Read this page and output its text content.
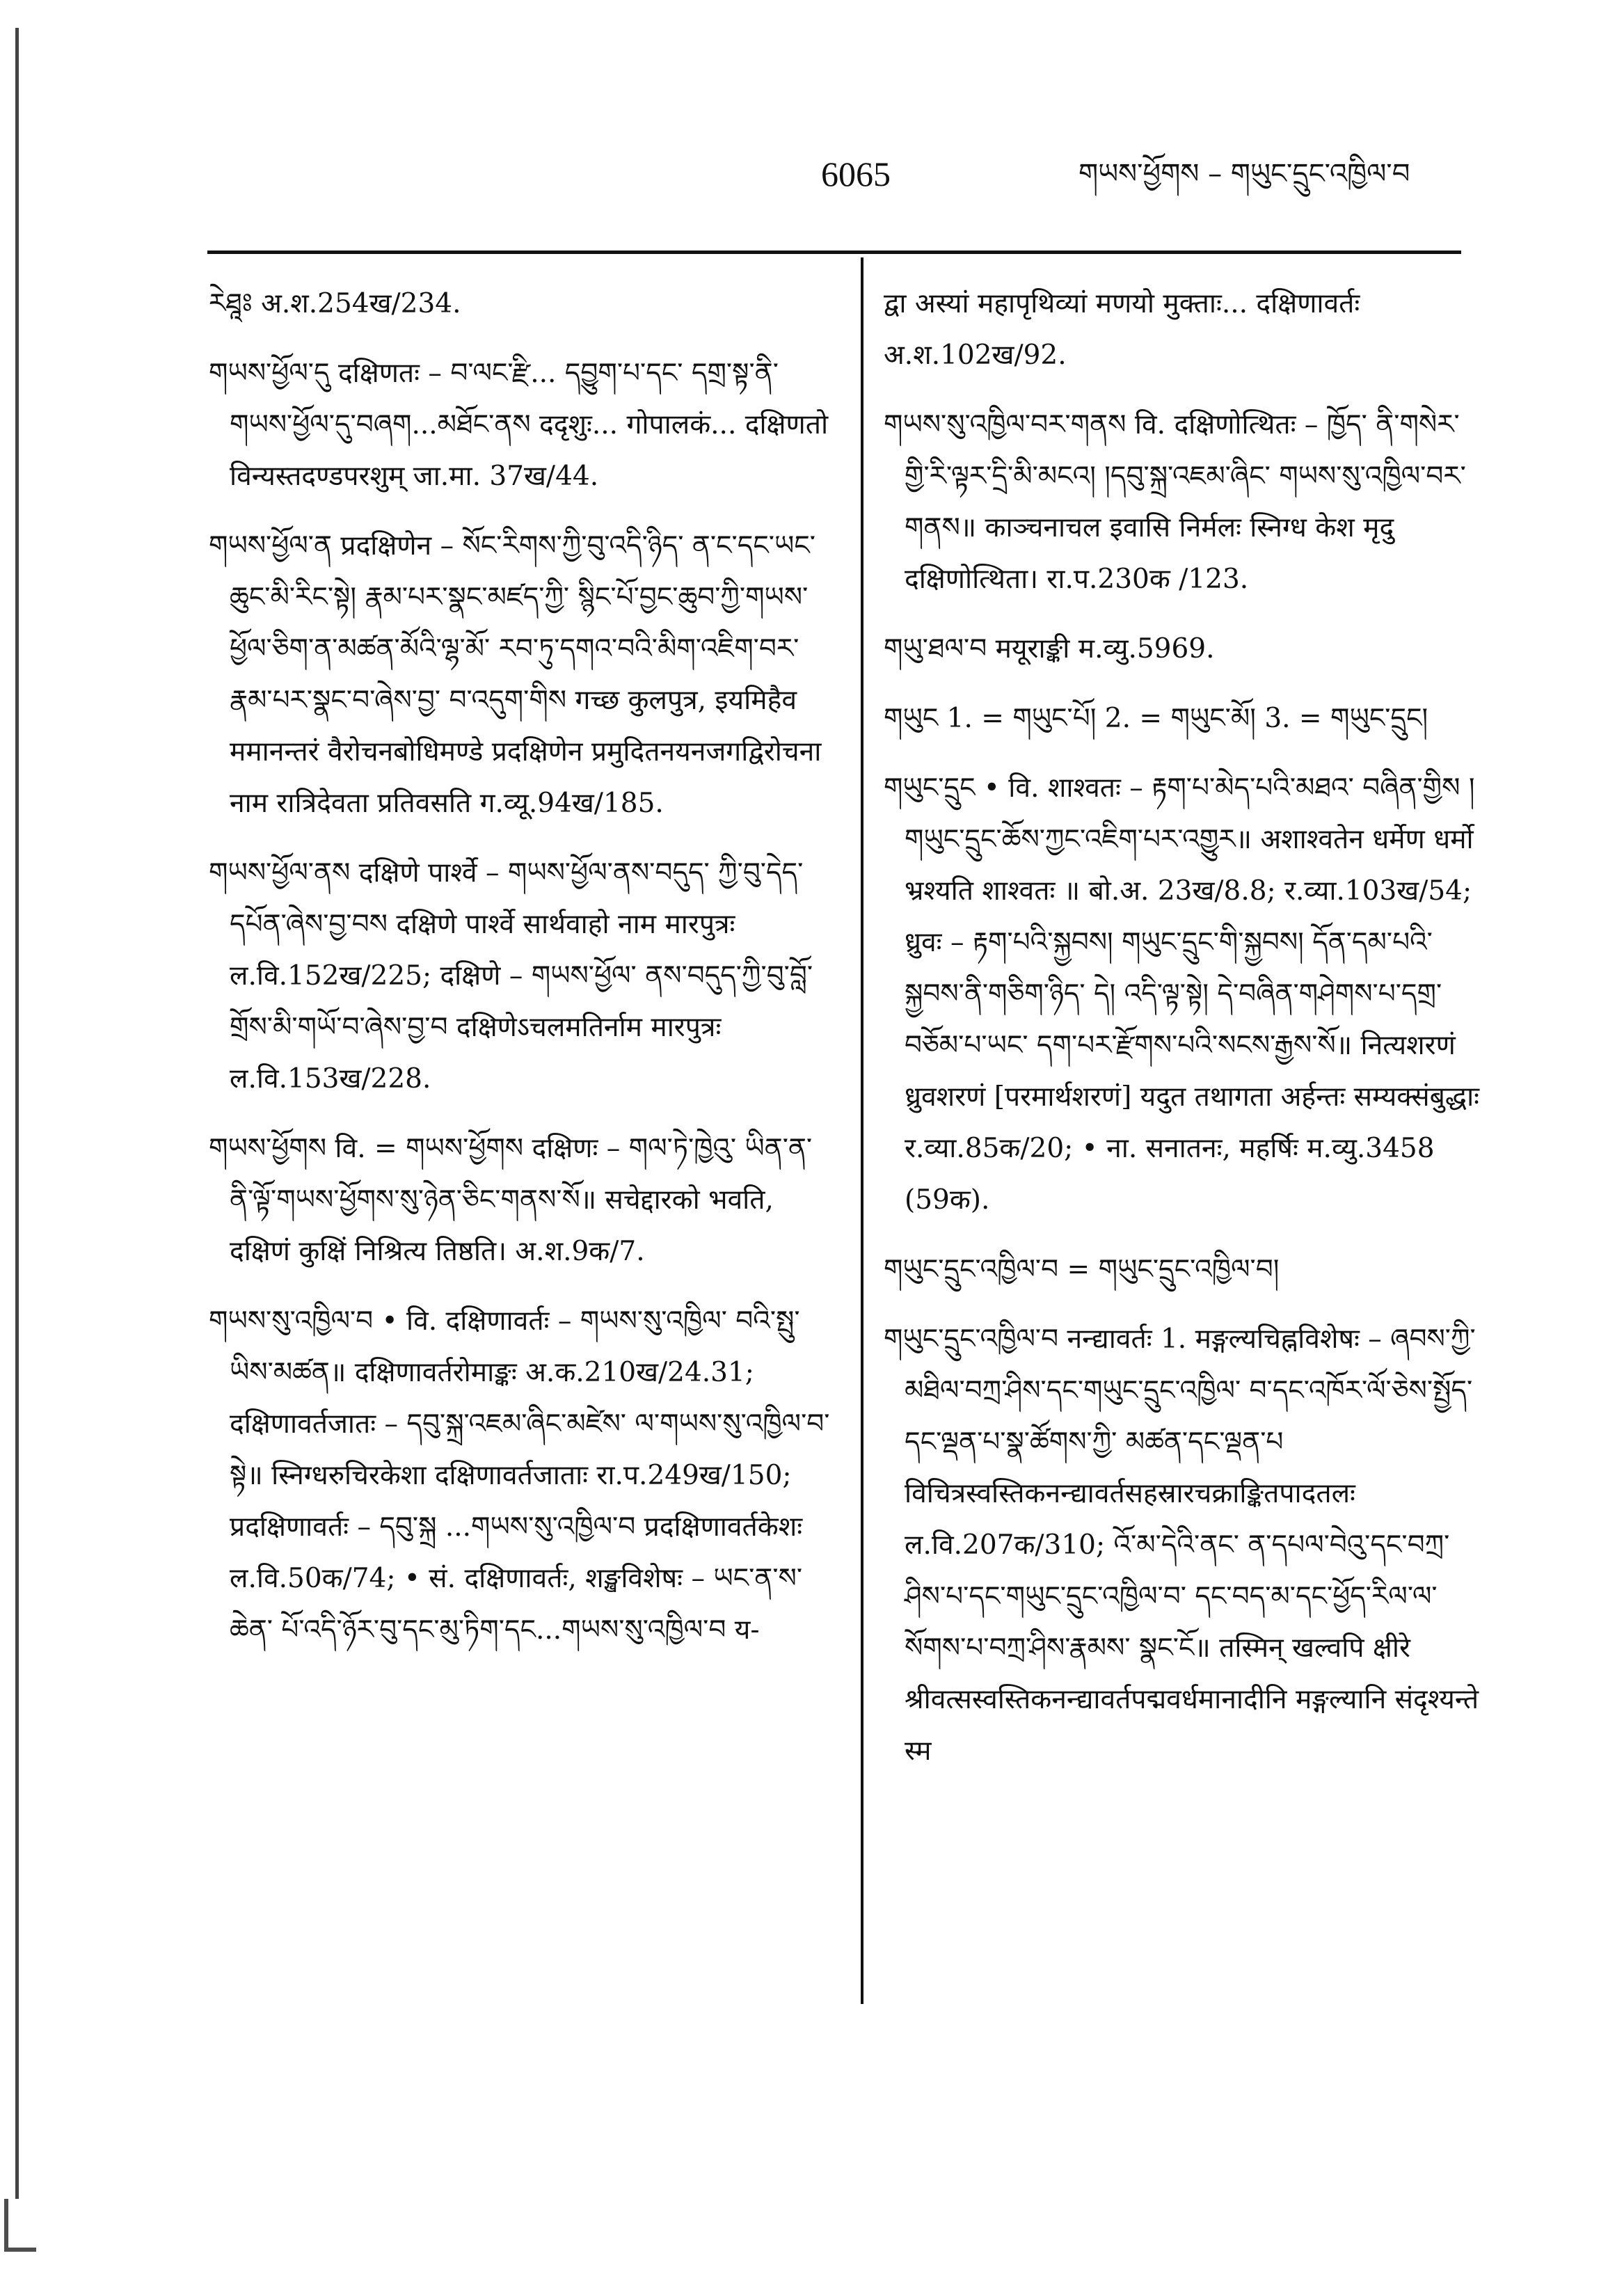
6065	གཡས་ཕྱོགས – གཡུང་དྲུང་འཁྱིལ་བ

རེཐཱཿ अ.श.254ख/234.

གཡས་ཕྱོལ་དུ दक्षिणतः – བ་ལང་རྫི... དབྱུག་པ་དང་ དགྲ་སྟ་ནི་གཡས་ཕྱོལ་དུ་བཞག...མཐོང་ནས ददृशुः... गोपालकं... दक्षिणतो विन्यस्तदण्डपरशुम् जा.मा. 37ख/44.

གཡས་ཕྱོལ་ན प्रदक्षिणेन – སོང་རིགས་ཀྱི་བུ་འདི་ཉིད་ ན་ང་དང་ཡང་ཆུང་མི་རིང་སྟེ། རྣམ་པར་སྣང་མཛད་ཀྱི་ སྙིང་པོ་བྱང་ཆུབ་ཀྱི་གཡས་ཕྱོལ་ཅིག་ན་མཚན་མོའི་ལྷ་མོ་ རབ་ཏུ་དགའ་བའི་མིག་འཇིག་བར་རྣམ་པར་སྣང་བ་ཞེས་བྱ་ བ་འདུག་གིས गच्छ कुलपुत्र, इयमिहैव ममानन्तरं वैरोचनबोधिमण्डे प्रदक्षिणेन प्रमुदितनयनजगद्विरोचना नाम रात्रिदेवता प्रतिवसति ग.व्यू.94ख/185.

གཡས་ཕྱོལ་ནས दक्षिणे पार्श्वे – གཡས་ཕྱོལ་ནས་བདུད་ ཀྱི་བུ་དེད་དཔོན་ཞེས་བྱ་བས दक्षिणे पार्श्वे सार्थवाहो नाम मारपुत्रः ल.वि.152ख/225; दक्षिणे – གཡས་ཕྱོལ་ ནས་བདུད་ཀྱི་བུ་བློ་གྲོས་མི་གཡོ་བ་ཞེས་བྱ་བ दक्षिणेऽचलमतिर्नाम मारपुत्रः ल.वि.153ख/228.

གཡས་ཕྱོགས वि. = གཡས་ཕྱོགས दक्षिणः – གལ་ཏེ་ཁྱེའུ་ ཡིན་ན་ནི་ལྟོ་གཡས་ཕྱོགས་སུ་ཉེན་ཅིང་གནས་སོ॥ सचेद्दारको भवति, दक्षिणं कुक्षिं निश्रित्य तिष्ठति। अ.श.9क/7.

གཡས་སུ་འཁྱིལ་བ • वि. दक्षिणावर्तः – གཡས་སུ་འཁྱིལ་ བའི་སྤུ་ཡིས་མཚན॥ दक्षिणावर्तरोमाङ्कः अ.क.210ख/24.31; दक्षिणावर्तजातः – དབུ་སྐྲ་འཇམ་ཞིང་མཛེས་ ལ་གཡས་སུ་འཁྱིལ་བ་སྟེ॥ स्निग्धरुचिरकेशा दक्षिणावर्तजाताः रा.प.249ख/150; प्रदक्षिणावर्तः – དབུ་སྐྲ ...གཡས་སུ་འཁྱིལ་བ प्रदक्षिणावर्तकेशः ल.वि.50क/74; • सं. दक्षिणावर्तः, शङ्खविशेषः – ཡང་ན་ས་ཆེན་ པོ་འདི་ཉོར་བུ་དང་མུ་ཏིག་དང...གཡས་སུ་འཁྱིལ་བ य-

द्वा अस्यां महापृथिव्यां मणयो मुक्ताः... दक्षिणावर्तः अ.श.102ख/92.

གཡས་སུ་འཁྱིལ་བར་གནས वि. दक्षिणोत्थितः – ཁྱོད་ ནི་གསེར་གྱི་རི་ལྟར་དྲི་མི་མངའ། །དབུ་སྐྲ་འཇམ་ཞིང་ གཡས་སུ་འཁྱིལ་བར་གནས॥ काञ्चनाचल इवासि निर्मलः स्निग्ध केश मृदु दक्षिणोत्थिता। रा.प.230क /123.

གཡུ་ཐལ་བ मयूराङ्की म.व्यु.5969.

གཡུང 1. = གཡུང་པོ། 2. = གཡུང་མོ། 3. = གཡུང་དྲུང།

གཡུང་དྲུང • वि. शाश्वतः – རྟག་པ་མེད་པའི་མཐའ་ བཞིན་གྱིས །གཡུང་དྲུང་ཆོས་ཀྱང་འཇིག་པར་འགྱུར॥ अशाश्वतेन धर्मेण धर्मो भ्रश्यति शाश्वतः ॥ बो.अ. 23ख/8.8; र.व्या.103ख/54; ध्रुवः – རྟག་པའི་སྐྱབས། གཡུང་དྲུང་གི་སྐྱབས། དོན་དམ་པའི་སྐྱབས་ནི་གཅིག་ཉིད་ དེ། འདི་ལྟ་སྟེ། དེ་བཞིན་གཤེགས་པ་དགྲ་བཅོམ་པ་ཡང་ དག་པར་རྫོགས་པའི་སངས་རྒྱས་སོ॥ नित्यशरणं ध्रुवशरणं [परमार्थशरणं] यदुत तथागता अर्हन्तः सम्यक्संबुद्धाः र.व्या.85क/20; • ना. सनातनः, महर्षिः म.व्यु.3458 (59क).

གཡུང་དྲུང་འཁྱིལ་བ = གཡུང་དྲུང་འཁྱིལ་བ།

གཡུང་དྲུང་འཁྱིལ་བ नन्द्यावर्तः 1. मङ्गल्यचिह्नविशेषः – ཞབས་ཀྱི་མཐིལ་བཀྲ་ཤིས་དང་གཡུང་དྲུང་འཁྱིལ་ བ་དང་འཁོར་ལོ་ཅེས་སྤྱོད་དང་ལྡན་པ་སྣ་ཚོགས་ཀྱི་ མཚན་དང་ལྡན་པ विचित्रस्वस्तिकनन्द्यावर्तसहस्रारचक्राङ्कितपादतलः ल.वि.207क/310; འོ་མ་དེའི་ནང་ ན་དཔལ་བེའུ་དང་བཀྲ་ཤིས་པ་དང་གཡུང་དྲུང་འཁྱིལ་བ་ དང་བད་མ་དང་ཕྱོད་རིལ་ལ་སོགས་པ་བཀྲ་ཤིས་རྣམས་ སྣང་ངོ॥ तस्मिन् खल्वपि क्षीरे श्रीवत्सस्वस्तिकनन्द्यावर्तपद्मवर्धमानादीनि मङ्गल्यानि संदृश्यन्ते स्म
